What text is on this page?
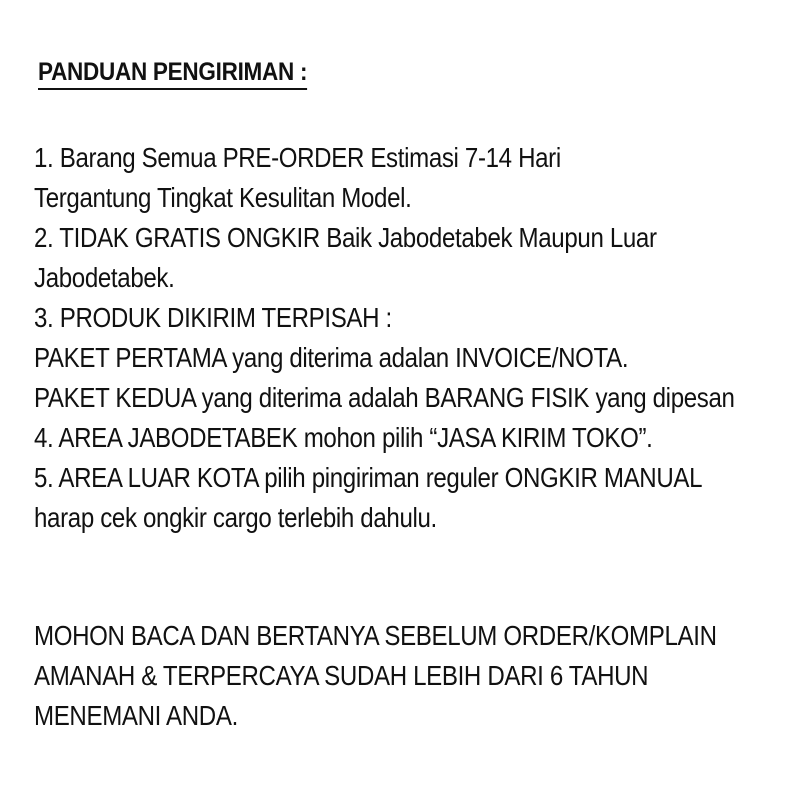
PANDUAN PENGIRIMAN :
1. Barang Semua PRE-ORDER Estimasi 7-14 Hari
Tergantung Tingkat Kesulitan Model.
2. TIDAK GRATIS ONGKIR Baik Jabodetabek Maupun Luar
Jabodetabek.
3. PRODUK DIKIRIM TERPISAH :
PAKET PERTAMA yang diterima adalan INVOICE/NOTA.
PAKET KEDUA yang diterima adalah BARANG FISIK yang dipesan
4. AREA JABODETABEK mohon pilih “JASA KIRIM TOKO”.
5. AREA LUAR KOTA pilih pingiriman reguler ONGKIR MANUAL
harap cek ongkir cargo terlebih dahulu.
MOHON BACA DAN BERTANYA SEBELUM ORDER/KOMPLAIN
AMANAH & TERPERCAYA SUDAH LEBIH DARI 6 TAHUN
MENEMANI ANDA.
